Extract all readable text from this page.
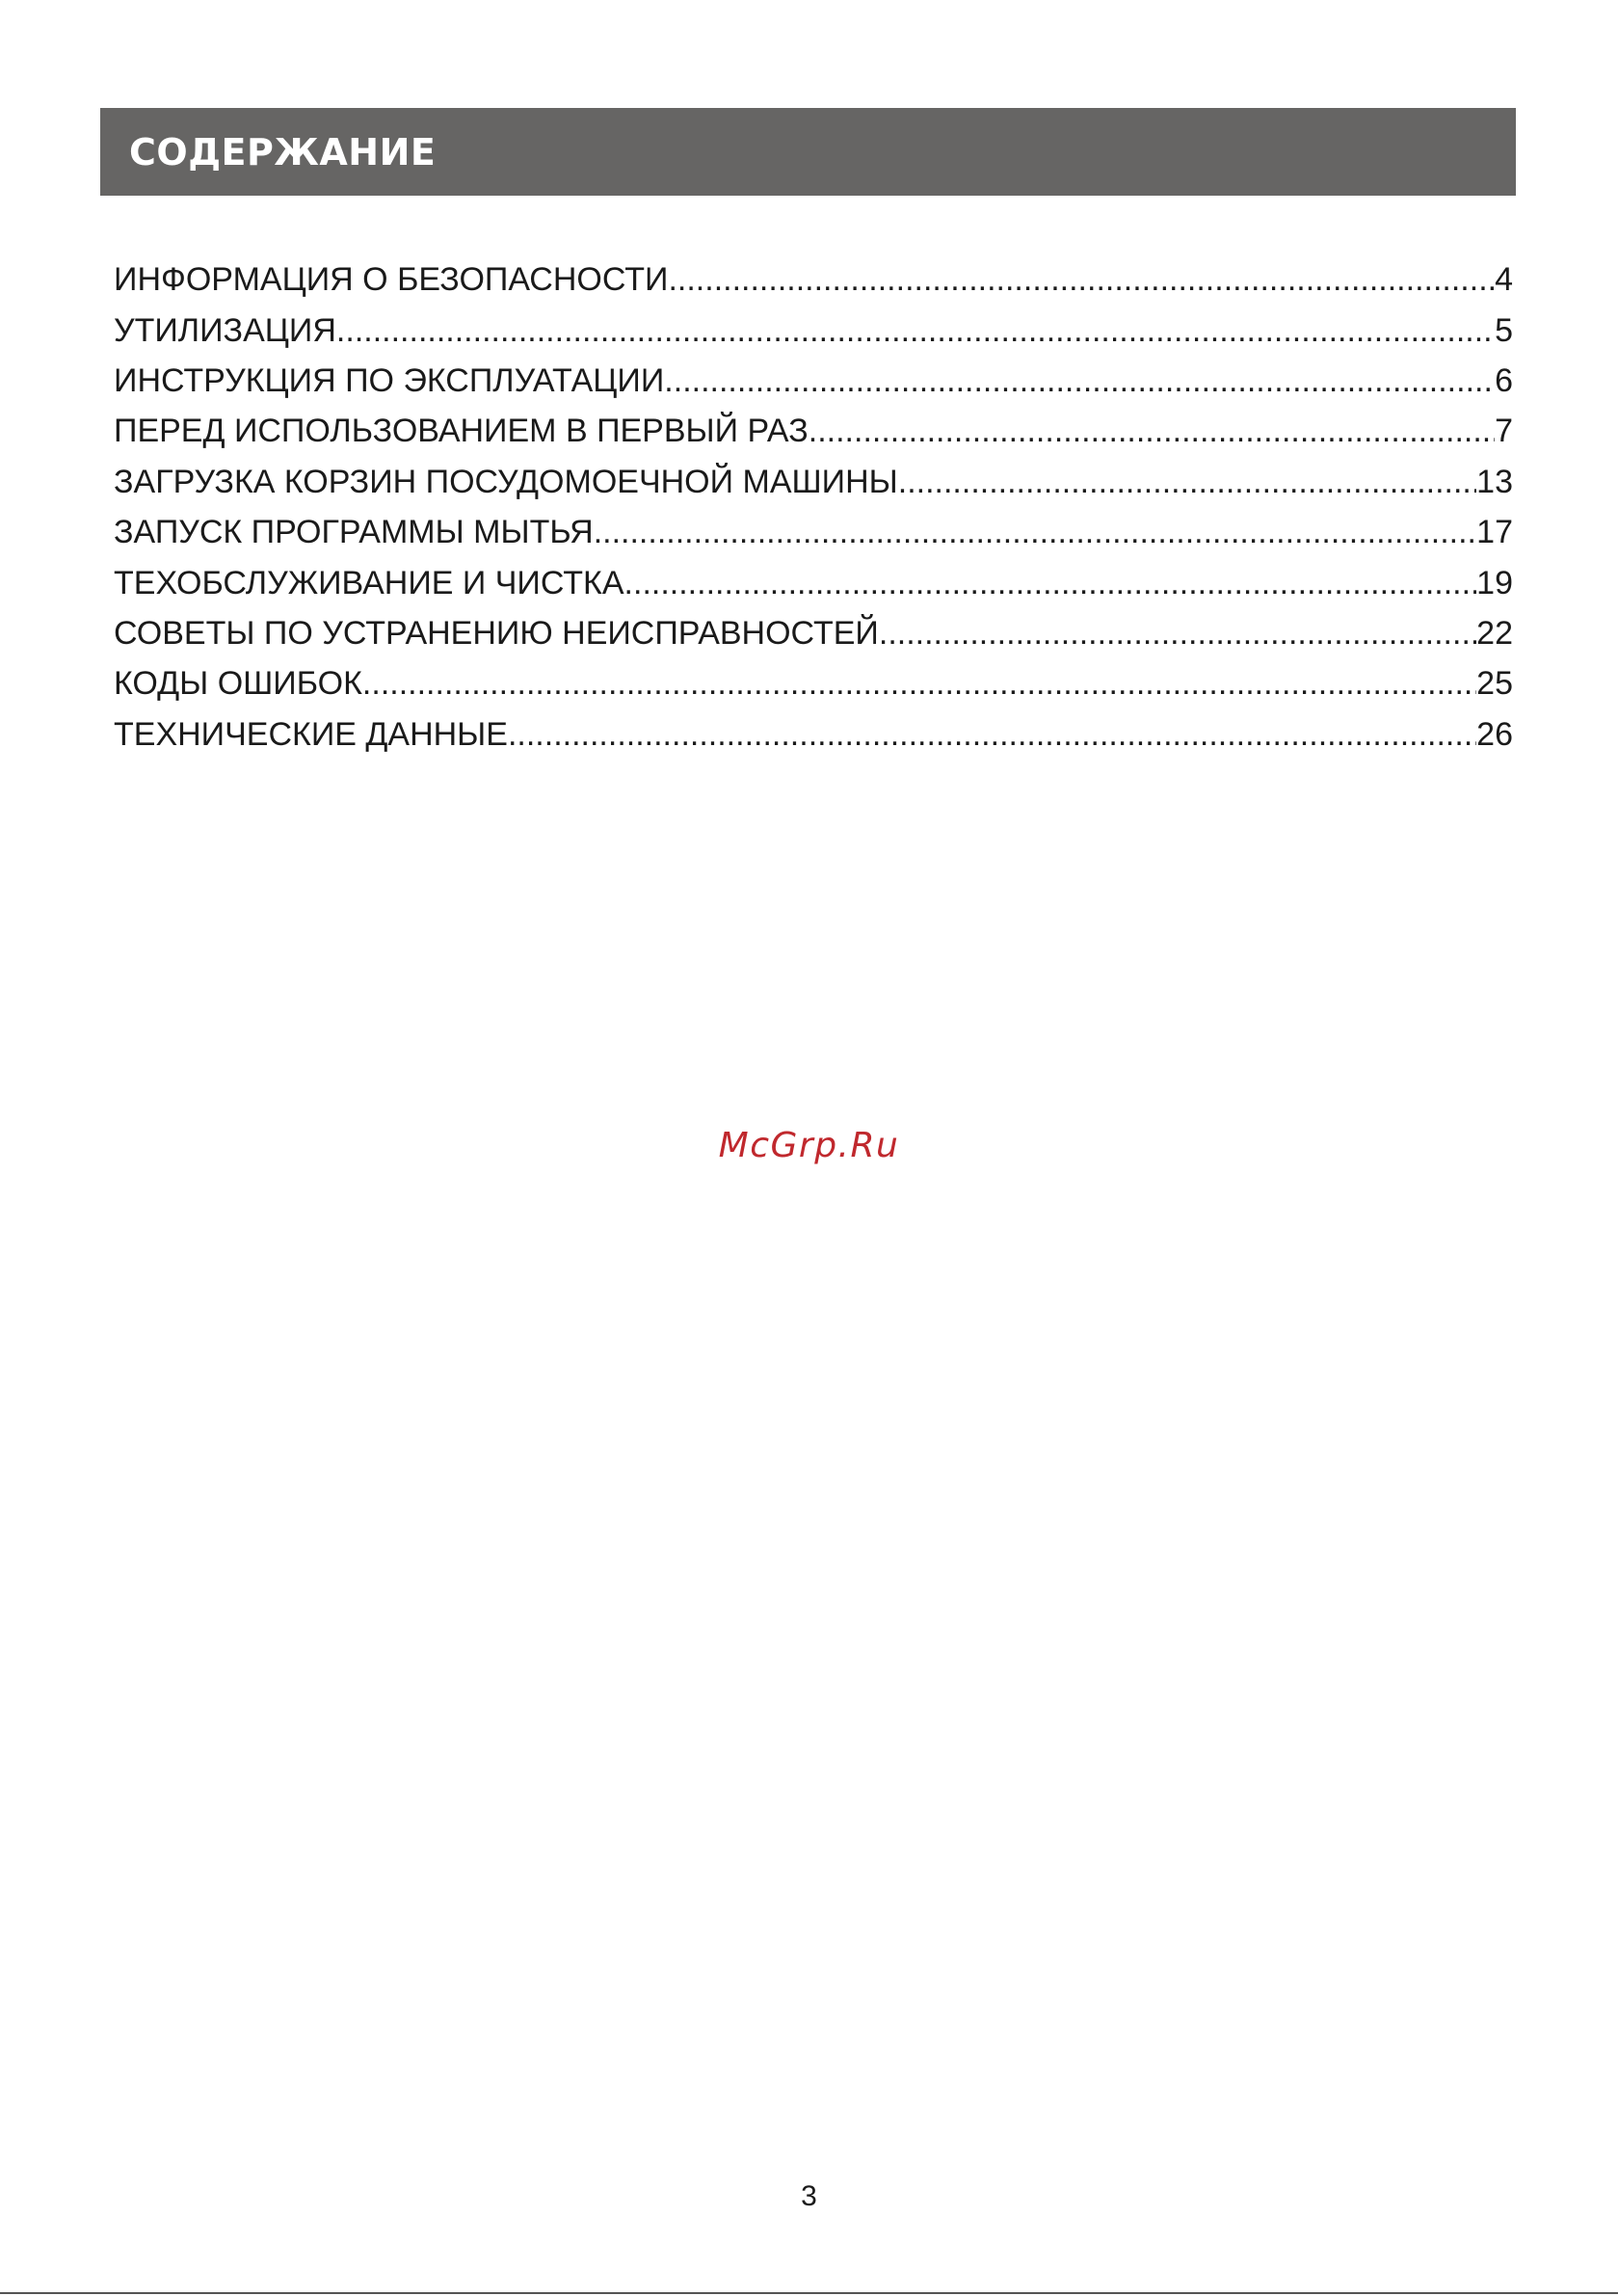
СОДЕРЖАНИЕ
ИНФОРМАЦИЯ О БЕЗОПАСНОСТИ .....	4
УТИЛИЗАЦИЯ .....	5
ИНСТРУКЦИЯ ПО ЭКСПЛУАТАЦИИ .....	6
ПЕРЕД ИСПОЛЬЗОВАНИЕМ В ПЕРВЫЙ РАЗ .....	7
ЗАГРУЗКА КОРЗИН ПОСУДОМОЕЧНОЙ МАШИНЫ .....	13
ЗАПУСК ПРОГРАММЫ МЫТЬЯ .....	17
ТЕХОБСЛУЖИВАНИЕ И ЧИСТКА .....	19
СОВЕТЫ ПО УСТРАНЕНИЮ НЕИСПРАВНОСТЕЙ .....	22
КОДЫ ОШИБОК .....	25
ТЕХНИЧЕСКИЕ ДАННЫЕ .....	26
McGrp.Ru
3
